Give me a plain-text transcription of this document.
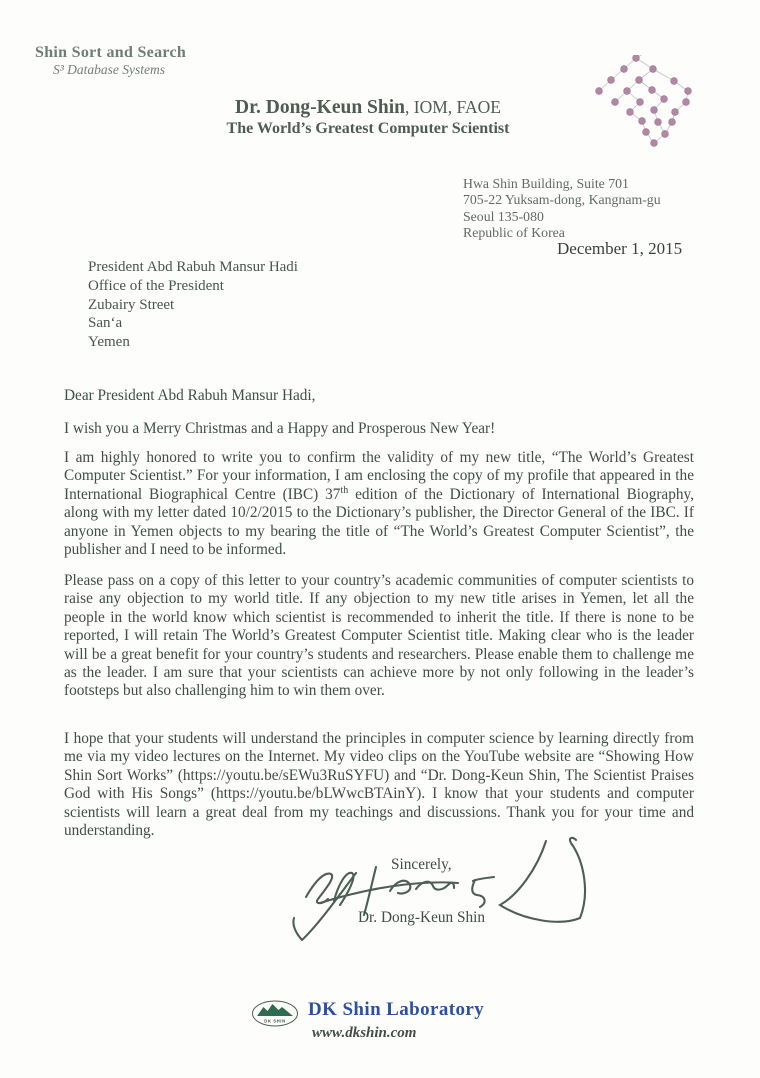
Shin Sort and Search
S³ Database Systems
Dr. Dong-Keun Shin, IOM, FAOE
The World’s Greatest Computer Scientist
Hwa Shin Building, Suite 701
705-22 Yuksam-dong, Kangnam-gu
Seoul 135-080
Republic of Korea
December 1, 2015
President Abd Rabuh Mansur Hadi
Office of the President
Zubairy Street
San‘a
Yemen
Dear President Abd Rabuh Mansur Hadi,
I wish you a Merry Christmas and a Happy and Prosperous New Year!

I am highly honored to write you to confirm the validity of my new title, “The World’s Greatest Computer Scientist.” For your information, I am enclosing the copy of my profile that appeared in the International Biographical Centre (IBC) 37th edition of the Dictionary of International Biography, along with my letter dated 10/2/2015 to the Dictionary’s publisher, the Director General of the IBC. If anyone in Yemen objects to my bearing the title of “The World’s Greatest Computer Scientist”, the publisher and I need to be informed.

Please pass on a copy of this letter to your country’s academic communities of computer scientists to raise any objection to my world title. If any objection to my new title arises in Yemen, let all the people in the world know which scientist is recommended to inherit the title. If there is none to be reported, I will retain The World’s Greatest Computer Scientist title. Making clear who is the leader will be a great benefit for your country’s students and researchers. Please enable them to challenge me as the leader. I am sure that your scientists can achieve more by not only following in the leader’s footsteps but also challenging him to win them over.

I hope that your students will understand the principles in computer science by learning directly from me via my video lectures on the Internet. My video clips on the YouTube website are “Showing How Shin Sort Works” (https://youtu.be/sEWu3RuSYFU) and “Dr. Dong-Keun Shin, The Scientist Praises God with His Songs” (https://youtu.be/bLWwcBTAinY). I know that your students and computer scientists will learn a great deal from my teachings and discussions. Thank you for your time and understanding.

Sincerely,
Dr. Dong-Keun Shin
DK SHIN
DK Shin Laboratory
www.dkshin.com
